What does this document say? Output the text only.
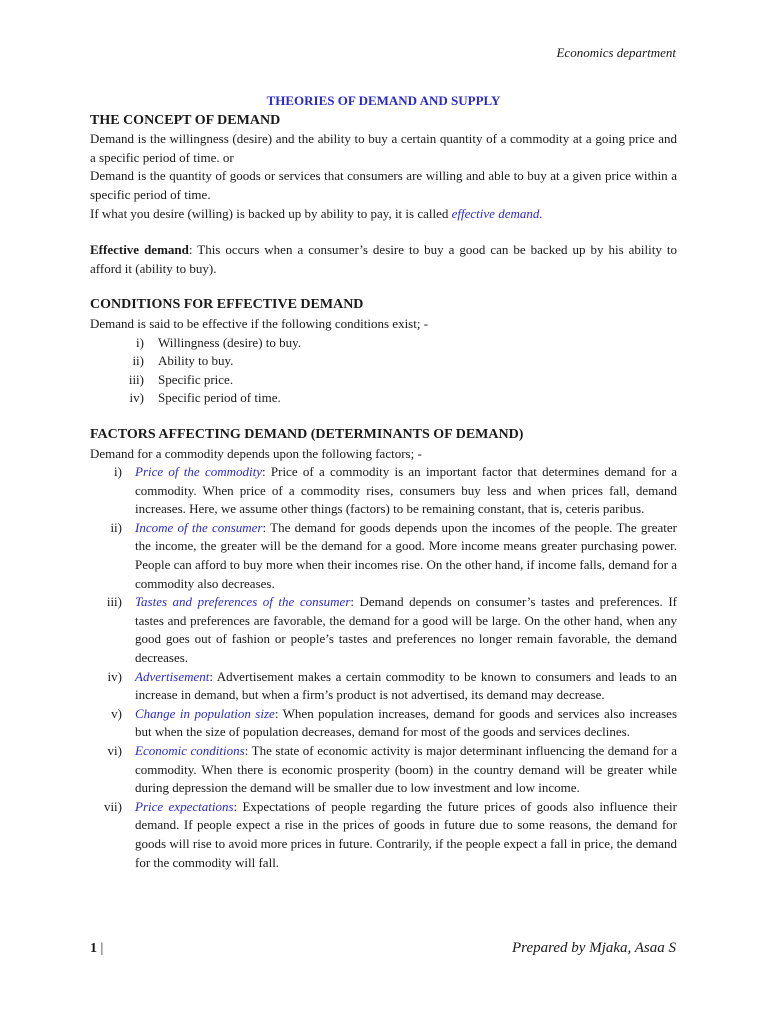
Economics department
THEORIES OF DEMAND AND SUPPLY
THE CONCEPT OF DEMAND

Demand is the willingness (desire) and the ability to buy a certain quantity of a commodity at a going price and a specific period of time. or

Demand is the quantity of goods or services that consumers are willing and able to buy at a given price within a specific period of time.

If what you desire (willing) is backed up by ability to pay, it is called effective demand.

Effective demand: This occurs when a consumer’s desire to buy a good can be backed up by his ability to afford it (ability to buy).

CONDITIONS FOR EFFECTIVE DEMAND

Demand is said to be effective if the following conditions exist; -

i)	Willingness (desire) to buy.
ii)	Ability to buy.
iii)	Specific price.
iv)	Specific period of time.
FACTORS AFFECTING DEMAND (DETERMINANTS OF DEMAND)

Demand for a commodity depends upon the following factors; -

i)	Price of the commodity: Price of a commodity is an important factor that determines demand for a commodity. When price of a commodity rises, consumers buy less and when prices fall, demand increases. Here, we assume other things (factors) to be remaining constant, that is, ceteris paribus.
ii)	Income of the consumer: The demand for goods depends upon the incomes of the people. The greater the income, the greater will be the demand for a good. More income means greater purchasing power. People can afford to buy more when their incomes rise. On the other hand, if income falls, demand for a commodity also decreases.
iii)	Tastes and preferences of the consumer: Demand depends on consumer’s tastes and preferences. If tastes and preferences are favorable, the demand for a good will be large. On the other hand, when any good goes out of fashion or people’s tastes and preferences no longer remain favorable, the demand decreases.
iv)	Advertisement: Advertisement makes a certain commodity to be known to consumers and leads to an increase in demand, but when a firm’s product is not advertised, its demand may decrease.
v)	Change in population size: When population increases, demand for goods and services also increases but when the size of population decreases, demand for most of the goods and services declines.
vi)	Economic conditions: The state of economic activity is major determinant influencing the demand for a commodity. When there is economic prosperity (boom) in the country demand will be greater while during depression the demand will be smaller due to low investment and low income.
vii)	Price expectations: Expectations of people regarding the future prices of goods also influence their demand. If people expect a rise in the prices of goods in future due to some reasons, the demand for goods will rise to avoid more prices in future. Contrarily, if the people expect a fall in price, the demand for the commodity will fall.
1 |	Prepared by Mjaka, Asaa S
